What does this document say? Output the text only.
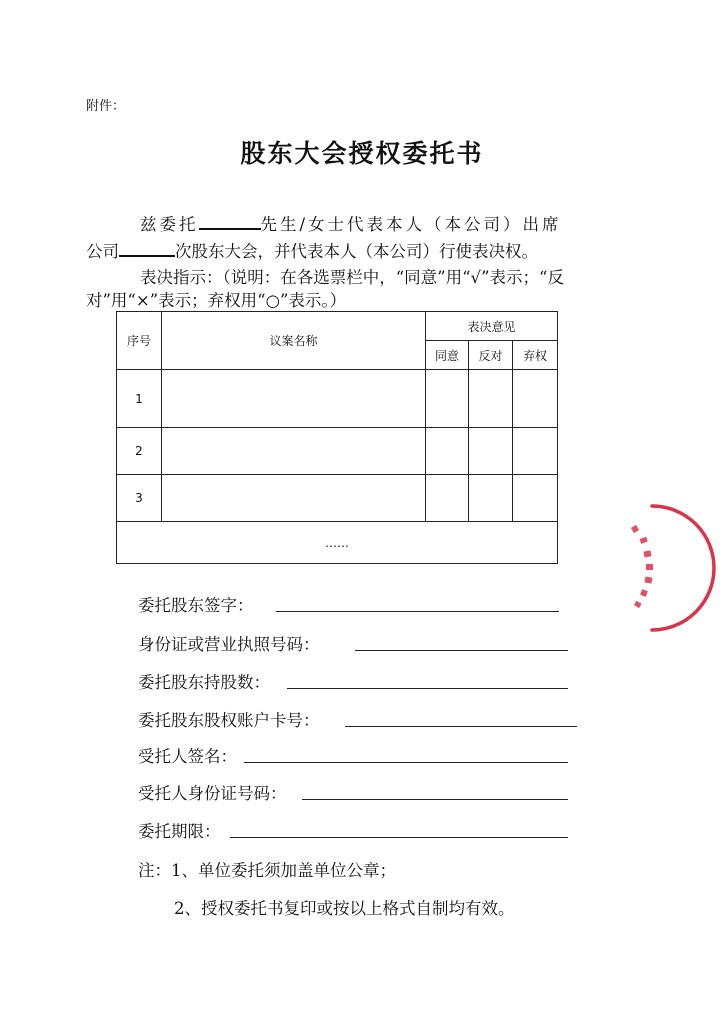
附件：
股东大会授权委托书
兹委托	先生/女士代表本人（本公司）出席
公司	次股东大会，并代表本人（本公司）行使表决权。
表决指示：（说明：在各选票栏中，“同意”用“√”表示；“反
对”用“×”表示；弃权用“○”表示。）
序号	议案名称	表决意见		
		同意	反对	弃权
1				
2				
3				
……				
委托股东签字：
身份证或营业执照号码：
委托股东持股数：
委托股东股权账户卡号：
受托人签名：
受托人身份证号码：
委托期限：
注：1、单位委托须加盖单位公章；
2、授权委托书复印或按以上格式自制均有效。
